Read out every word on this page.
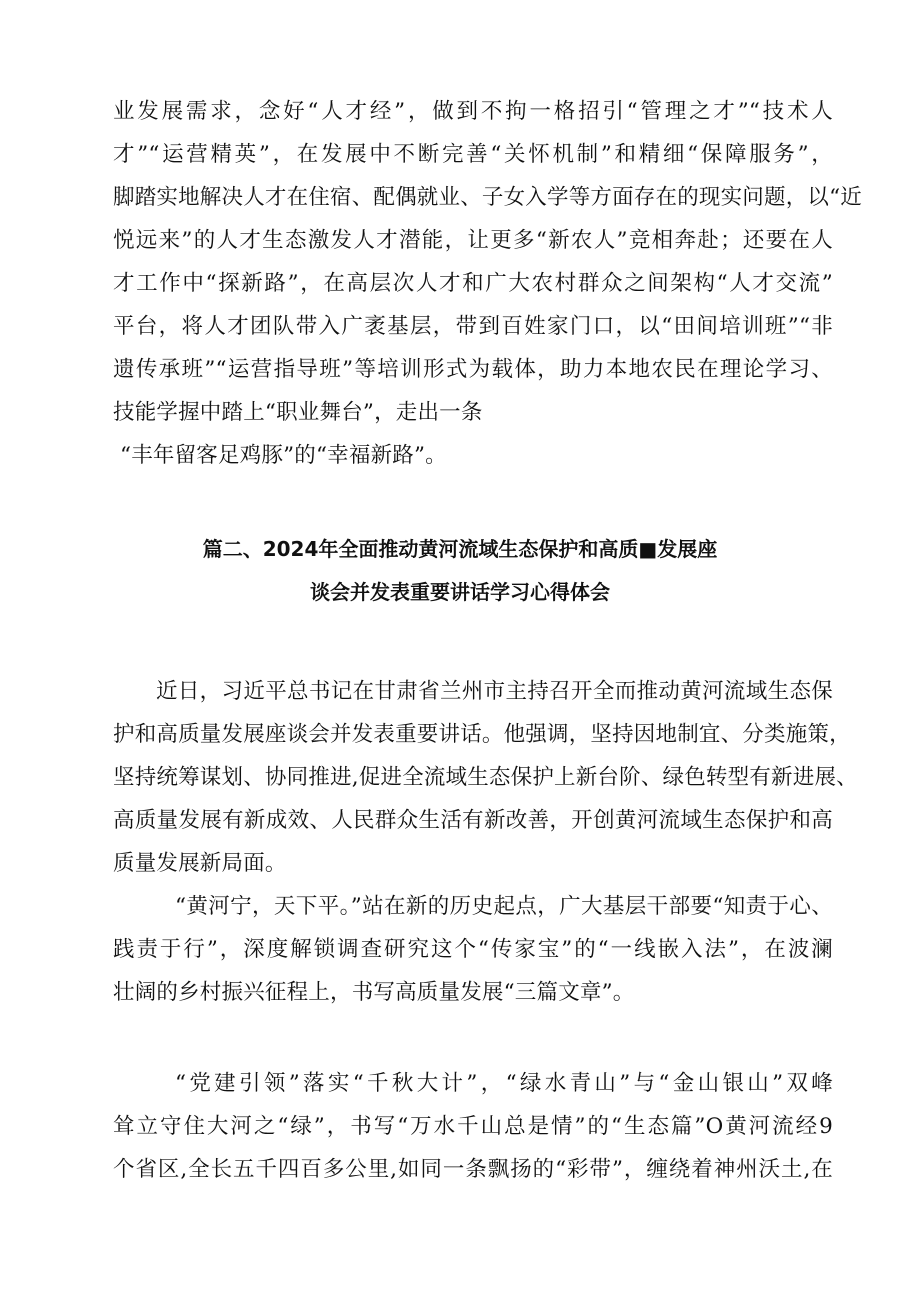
业发展需求，念好“人才经”，做到不拘一格招引“管理之才”“技术人
才”“运营精英”，在发展中不断完善“关怀机制”和精细“保障服务”，
脚踏实地解决人才在住宿、配偶就业、子女入学等方面存在的现实问题，以“近
悦远来”的人才生态激发人才潜能，让更多“新农人”竞相奔赴；还要在人
才工作中“探新路”，在高层次人才和广大农村群众之间架构“人才交流”
平台，将人才团队带入广袤基层，带到百姓家门口，以“田间培训班”“非
遗传承班”“运营指导班”等培训形式为载体，助力本地农民在理论学习、
技能学握中踏上“职业舞台”，走出一条
“丰年留客足鸡豚”的“幸福新路”。
篇二、2024年全面推动黄河流域生态保护和高质■发展座
谈会并发表重要讲话学习心得体会
近日，习近平总书记在甘肃省兰州市主持召开全而推动黄河流域生态保
护和高质量发展座谈会并发表重要讲话。他强调，坚持因地制宜、分类施策，
坚持统筹谋划、协同推进,促进全流域生态保护上新台阶、绿色转型有新进展、
高质量发展有新成效、人民群众生活有新改善，开创黄河流域生态保护和高
质量发展新局面。
“黄河宁，天下平。”站在新的历史起点，广大基层干部要“知责于心、
践责于行”，深度解锁调查研究这个“传家宝”的“一线嵌入法”，在波澜
壮阔的乡村振兴征程上，书写高质量发展“三篇文章”。
“党建引领”落实“千秋大计”，“绿水青山”与“金山银山”双峰
耸立守住大河之“绿”，书写“万水千山总是情”的“生态篇”O黄河流经9
个省区,全长五千四百多公里,如同一条飘扬的“彩带”，缠绕着神州沃土,在
